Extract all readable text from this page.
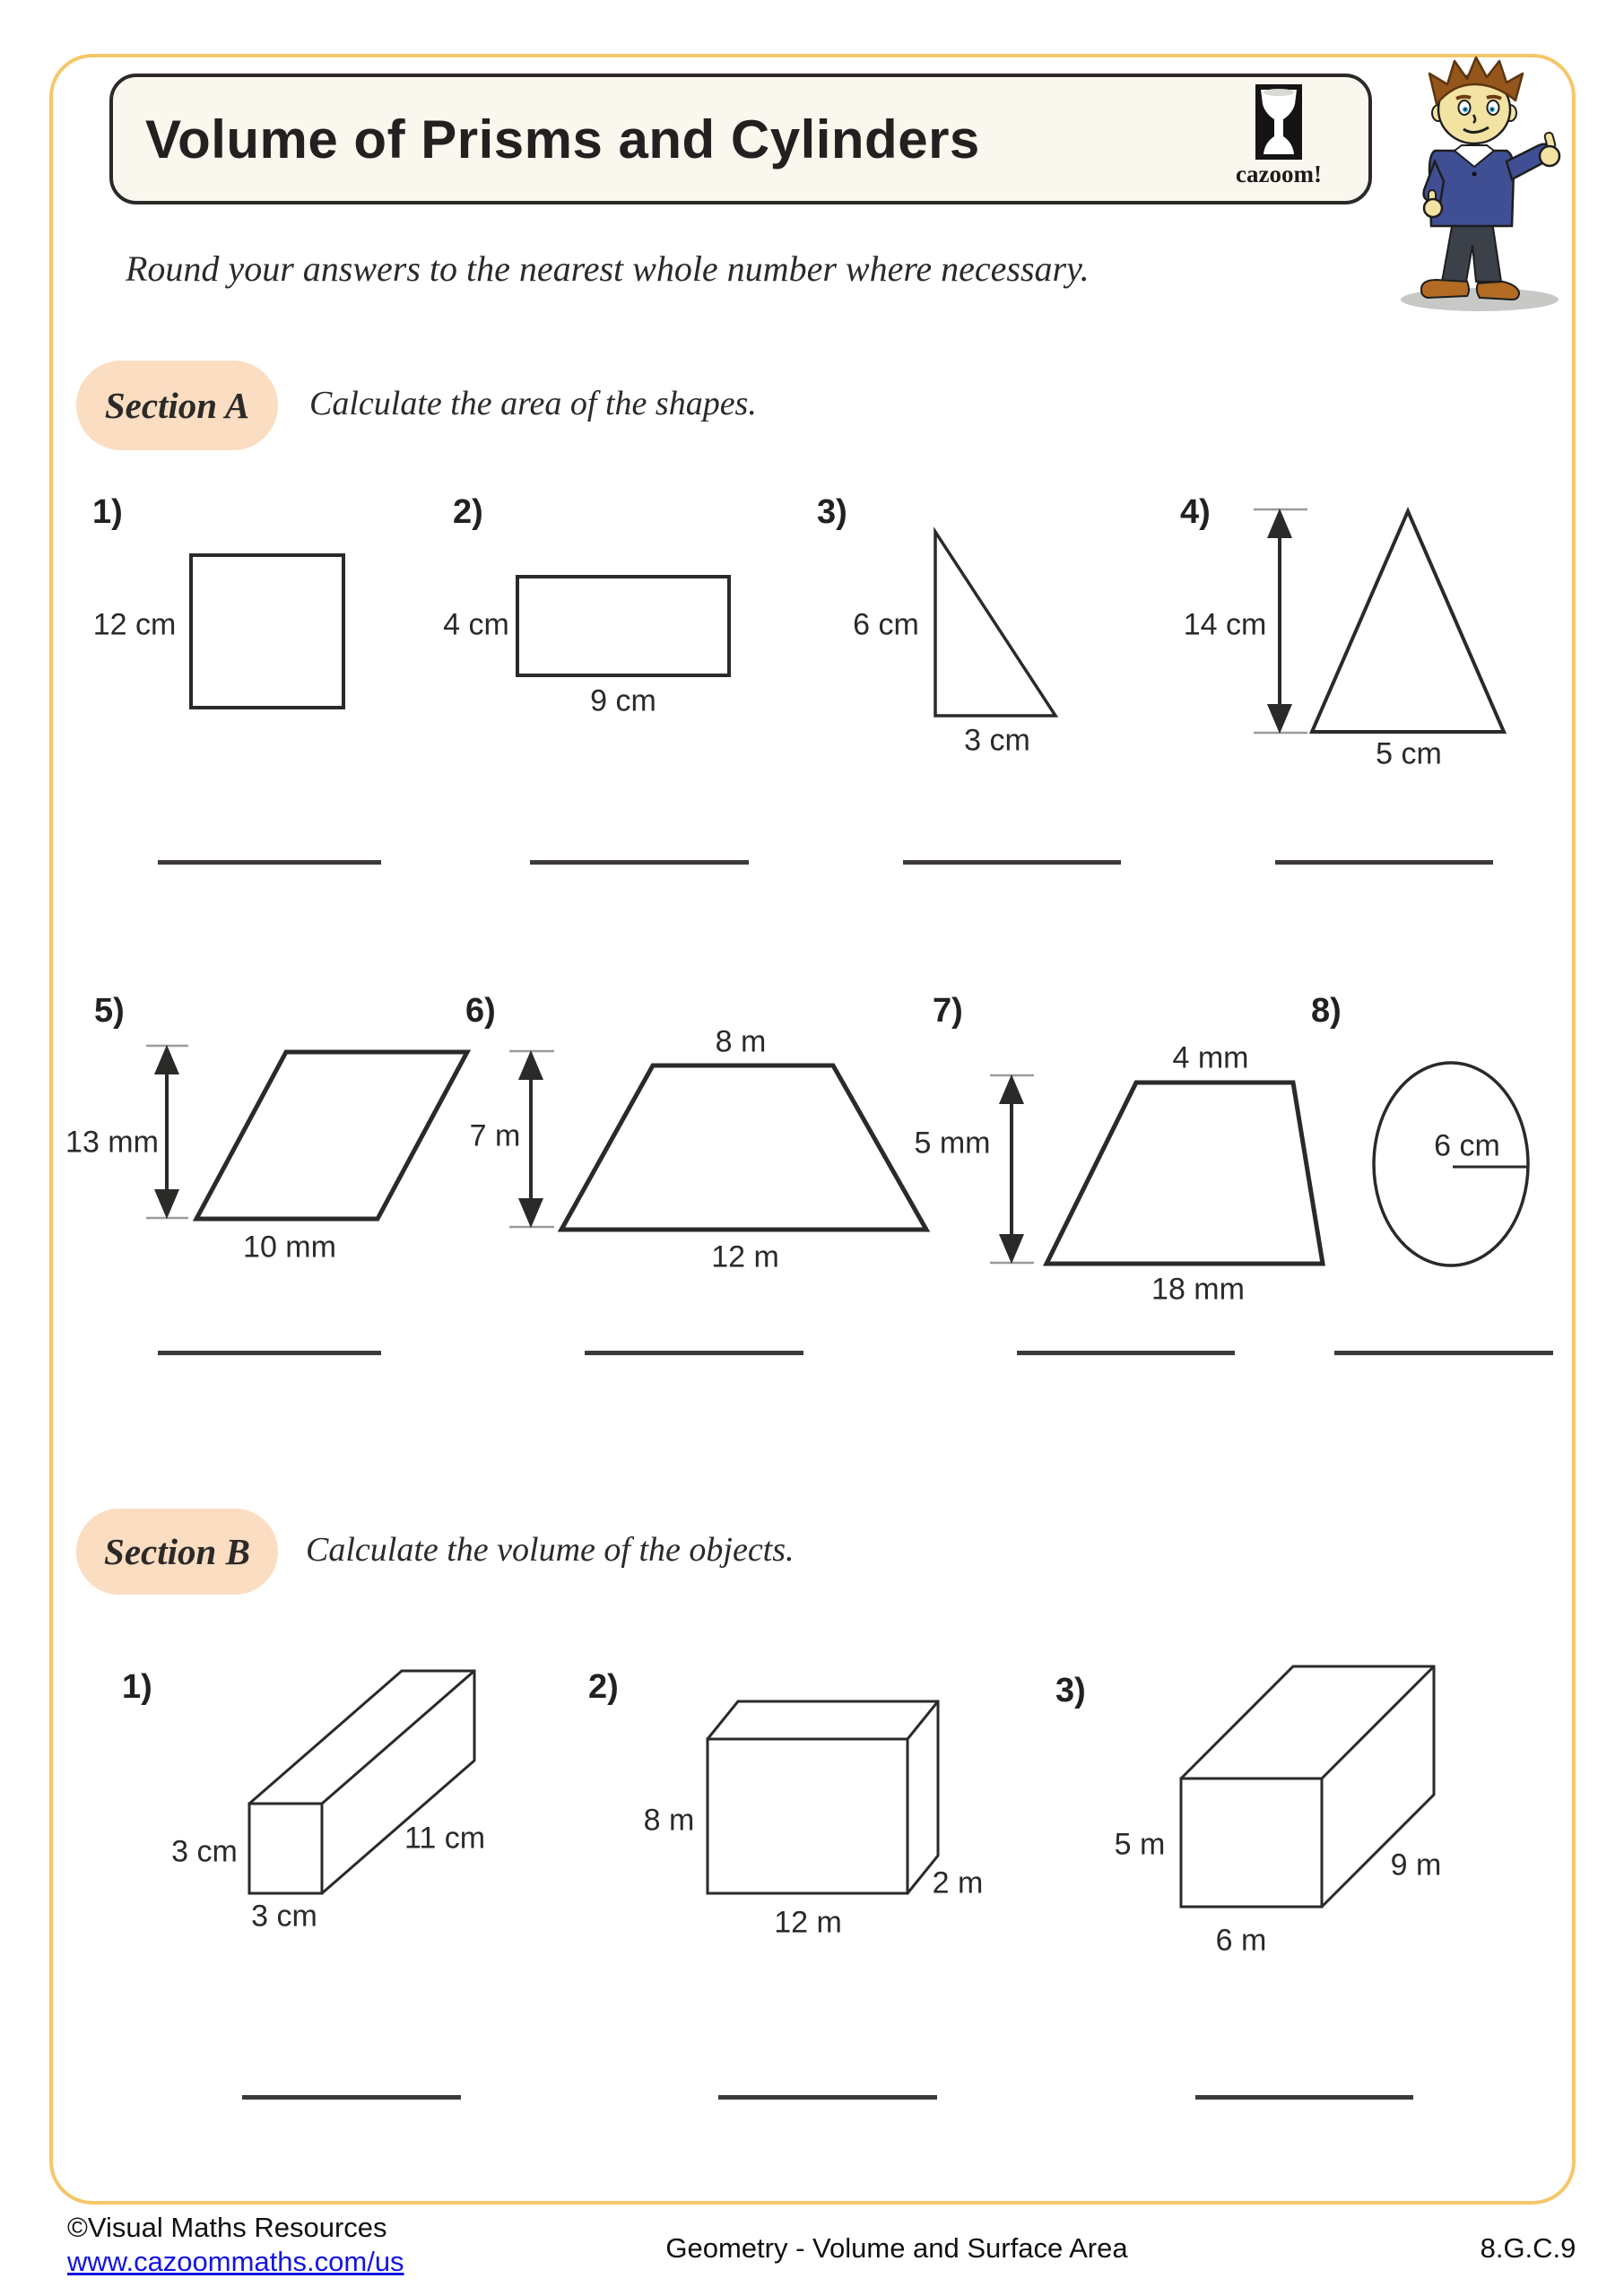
Volume of Prisms and Cylinders
cazoom!
Round your answers to the nearest whole number where necessary.
Section A Calculate the area of the shapes.
Section B Calculate the volume of the objects.
1)	2)	3)	4)
5)	6)	7)	8)
12 cm	4 cm
9 cm
6 cm
3 cm
14 cm
5 cm
13 mm
10 mm
8 m
7 m
12 m
4 mm
5 mm
18 mm
6 cm
1)	2)	3)
3 cm
3 cm
11 cm
8 m
12 m
2 m
5 m
6 m
9 m
©Visual Maths Resources
www.cazoommaths.com/us	Geometry - Volume and Surface Area	8.G.C.9
